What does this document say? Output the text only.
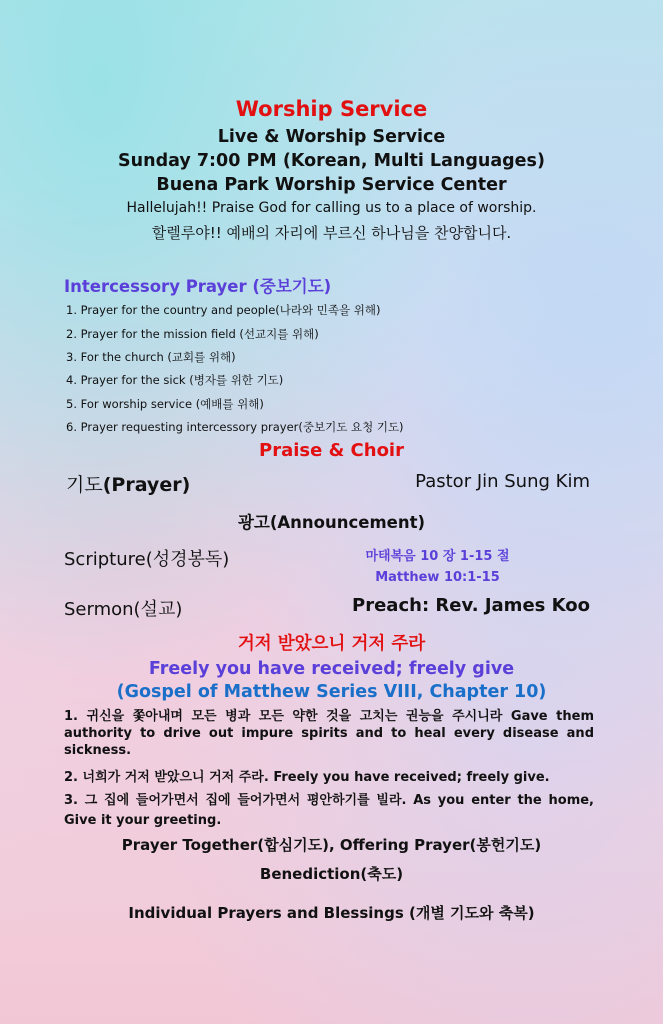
Worship Service
Live & Worship Service
Sunday 7:00 PM (Korean, Multi Languages)
Buena Park Worship Service Center
Hallelujah!! Praise God for calling us to a place of worship.
할렐루야!! 예배의 자리에 부르신 하나님을 찬양합니다.
Intercessory Prayer (중보기도)
1. Prayer for the country and people(나라와 민족을 위해)
2. Prayer for the mission field (선교지를 위해)
3. For the church (교회를 위해)
4. Prayer for the sick (병자를 위한 기도)
5. For worship service (예배를 위해)
6. Prayer requesting intercessory prayer(중보기도 요청 기도)
Praise & Choir
기도(Prayer)	Pastor Jin Sung Kim
광고(Announcement)
Scripture(성경봉독)	마태복음 10 장 1-15 절
Matthew 10:1-15
Sermon(설교)	Preach: Rev. James Koo
거저 받았으니 거저 주라
Freely you have received; freely give
(Gospel of Matthew Series VIII, Chapter 10)
1. 귀신을 쫓아내며 모든 병과 모든 약한 것을 고치는 권능을 주시니라 Gave them authority to drive out impure spirits and to heal every disease and sickness.
2. 너희가 거저 받았으니 거저 주라. Freely you have received; freely give.
3. 그 집에 들어가면서 집에 들어가면서 평안하기를 빌라. As you enter the home, Give it your greeting.
Prayer Together(합심기도), Offering Prayer(봉헌기도)
Benediction(축도)
Individual Prayers and Blessings (개별 기도와 축복)
